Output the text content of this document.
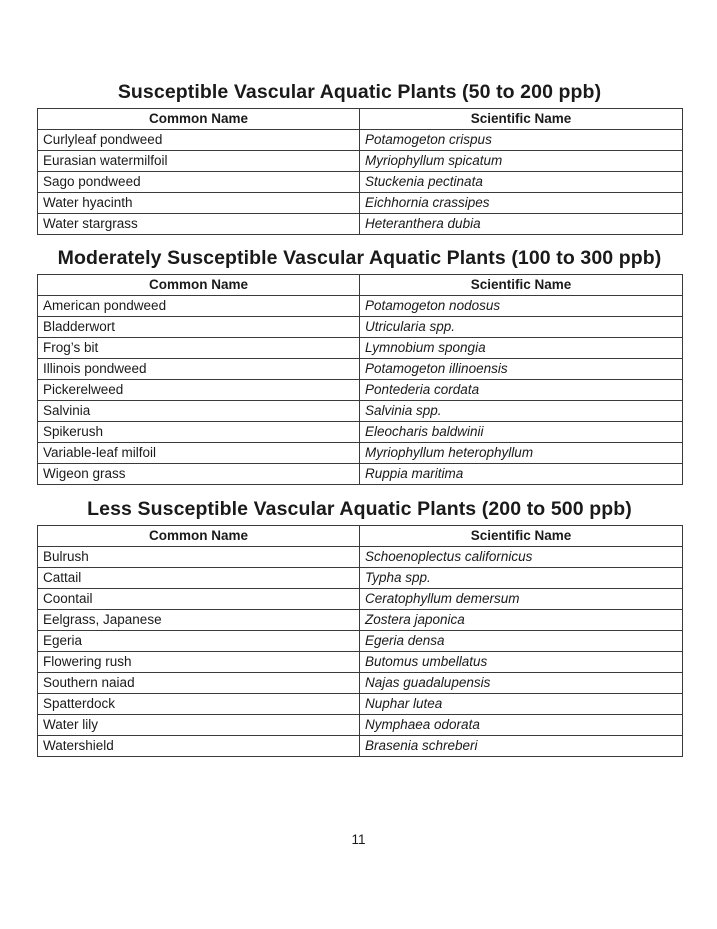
Susceptible Vascular Aquatic Plants (50 to 200 ppb)
Common Name	Scientific Name
Curlyleaf pondweed	Potamogeton crispus
Eurasian watermilfoil	Myriophyllum spicatum
Sago pondweed	Stuckenia pectinata
Water hyacinth	Eichhornia crassipes
Water stargrass	Heteranthera dubia
Moderately Susceptible Vascular Aquatic Plants (100 to 300 ppb)
Common Name	Scientific Name
American pondweed	Potamogeton nodosus
Bladderwort	Utricularia spp.
Frog’s bit	Lymnobium spongia
Illinois pondweed	Potamogeton illinoensis
Pickerelweed	Pontederia cordata
Salvinia	Salvinia spp.
Spikerush	Eleocharis baldwinii
Variable-leaf milfoil	Myriophyllum heterophyllum
Wigeon grass	Ruppia maritima
Less Susceptible Vascular Aquatic Plants (200 to 500 ppb)
Common Name	Scientific Name
Bulrush	Schoenoplectus californicus
Cattail	Typha spp.
Coontail	Ceratophyllum demersum
Eelgrass, Japanese	Zostera japonica
Egeria	Egeria densa
Flowering rush	Butomus umbellatus
Southern naiad	Najas guadalupensis
Spatterdock	Nuphar lutea
Water lily	Nymphaea odorata
Watershield	Brasenia schreberi
11
